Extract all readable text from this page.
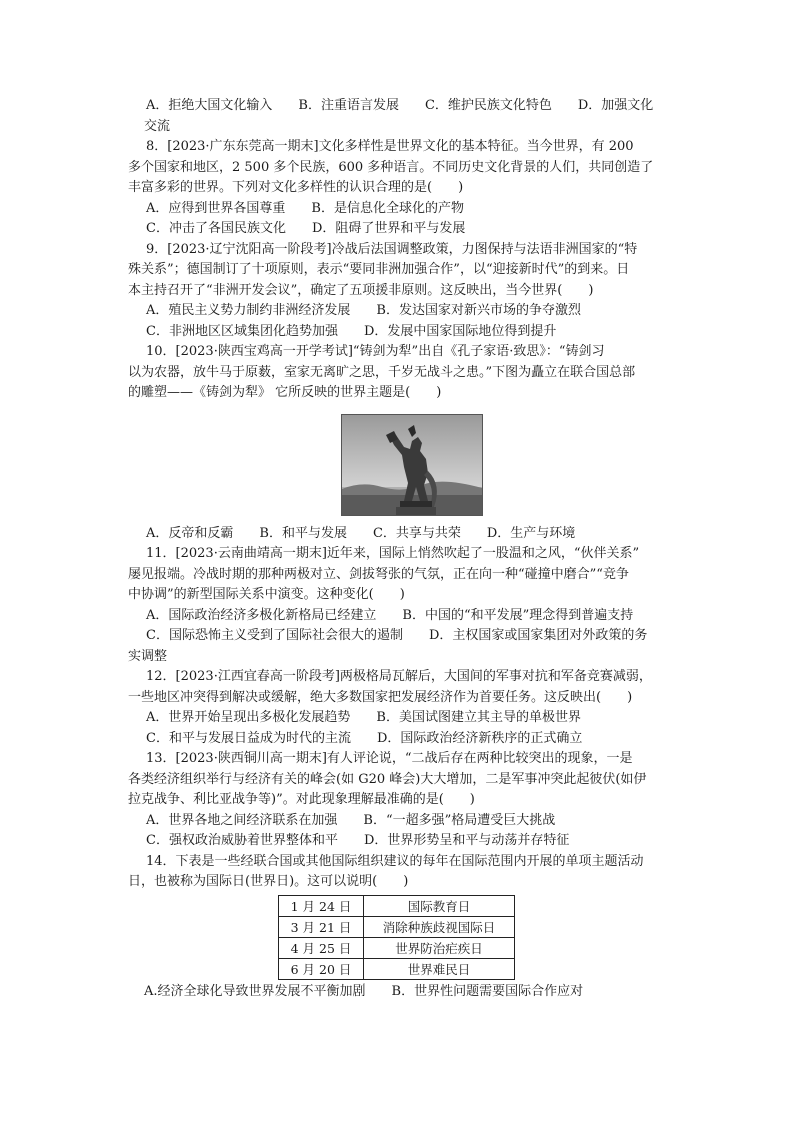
A．拒绝大国文化输入　　B．注重语言发展　　C．维护民族文化特色　　D．加强文化
交流
8．[2023·广东东莞高一期末]文化多样性是世界文化的基本特征。当今世界，有 200
多个国家和地区，2 500 多个民族，600 多种语言。不同历史文化背景的人们，共同创造了
丰富多彩的世界。下列对文化多样性的认识合理的是(　　)
A．应得到世界各国尊重　　B．是信息化全球化的产物
C．冲击了各国民族文化　　D．阻碍了世界和平与发展
9．[2023·辽宁沈阳高一阶段考]冷战后法国调整政策，力图保持与法语非洲国家的“特
殊关系”；德国制订了十项原则，表示“要同非洲加强合作”，以“迎接新时代”的到来。日
本主持召开了“非洲开发会议”，确定了五项援非原则。这反映出，当今世界(　　)
A．殖民主义势力制约非洲经济发展　　B．发达国家对新兴市场的争夺激烈
C．非洲地区区域集团化趋势加强　　D．发展中国家国际地位得到提升
10．[2023·陕西宝鸡高一开学考试]“铸剑为犁”出自《孔子家语·致思》：“铸剑习
以为农器，放牛马于原薮，室家无离旷之思，千岁无战斗之患。”下图为矗立在联合国总部
的雕塑——《铸剑为犁》 它所反映的世界主题是(　　)
A．反帝和反霸　　B．和平与发展　　C．共享与共荣　　D．生产与环境
11．[2023·云南曲靖高一期末]近年来，国际上悄然吹起了一股温和之风，“伙伴关系”
屡见报端。冷战时期的那种两极对立、剑拔弩张的气氛，正在向一种“碰撞中磨合”“竞争
中协调”的新型国际关系中演变。这种变化(　　)
A．国际政治经济多极化新格局已经建立　　B．中国的“和平发展”理念得到普遍支持
C．国际恐怖主义受到了国际社会很大的遏制　　D．主权国家或国家集团对外政策的务
实调整
12．[2023·江西宜春高一阶段考]两极格局瓦解后，大国间的军事对抗和军备竞赛减弱，
一些地区冲突得到解决或缓解，绝大多数国家把发展经济作为首要任务。这反映出(　　)
A．世界开始呈现出多极化发展趋势　　B．美国试图建立其主导的单极世界
C．和平与发展日益成为时代的主流　　D．国际政治经济新秩序的正式确立
13．[2023·陕西铜川高一期末]有人评论说，“二战后存在两种比较突出的现象，一是
各类经济组织举行与经济有关的峰会(如 G20 峰会)大大增加，二是军事冲突此起彼伏(如伊
拉克战争、利比亚战争等)”。对此现象理解最准确的是(　　)
A．世界各地之间经济联系在加强　　B．“一超多强”格局遭受巨大挑战
C．强权政治威胁着世界整体和平　　D．世界形势呈和平与动荡并存特征
14．下表是一些经联合国或其他国际组织建议的每年在国际范围内开展的单项主题活动
日，也被称为国际日(世界日)。这可以说明(　　)
1 月 24 日	国际教育日
3 月 21 日	消除种族歧视国际日
4 月 25 日	世界防治疟疾日
6 月 20 日	世界难民日
A.经济全球化导致世界发展不平衡加剧　　B．世界性问题需要国际合作应对
